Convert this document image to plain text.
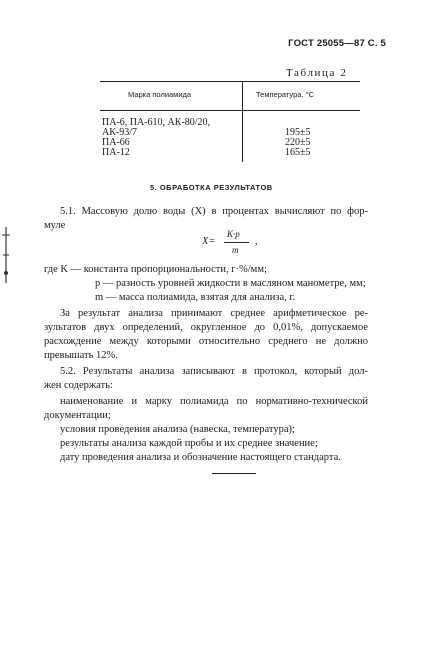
ГОСТ 25055—87 С. 5
Таблица 2
Марка полиамида	Температура, °С
ПА-6, ПА-610, АК-80/20,
АК-93/7	195±5
ПА-66	220±5
ПА-12	165±5
5. ОБРАБОТКА РЕЗУЛЬТАТОВ
5.1. Массовую долю воды (X) в процентах вычисляют по фор-
муле
X=
K·p
m
,
где K — константа пропорциональности, г·%/мм;
p — разность уровней жидкости в масляном манометре, мм;
m — масса полиамида, взятая для анализа, г.
За результат анализа принимают среднее арифметическое ре-
зультатов двух определений, округленное до 0,01%, допускаемое
расхождение между которыми относительно среднего не должно
превышать 12%.
5.2. Результаты анализа записывают в протокол, который дол-
жен содержать:
наименование и марку полиамида по нормативно-технической
документации;
условия проведения анализа (навеска, температура);
результаты анализа каждой пробы и их среднее значение;
дату проведения анализа и обозначение настоящего стандарта.
